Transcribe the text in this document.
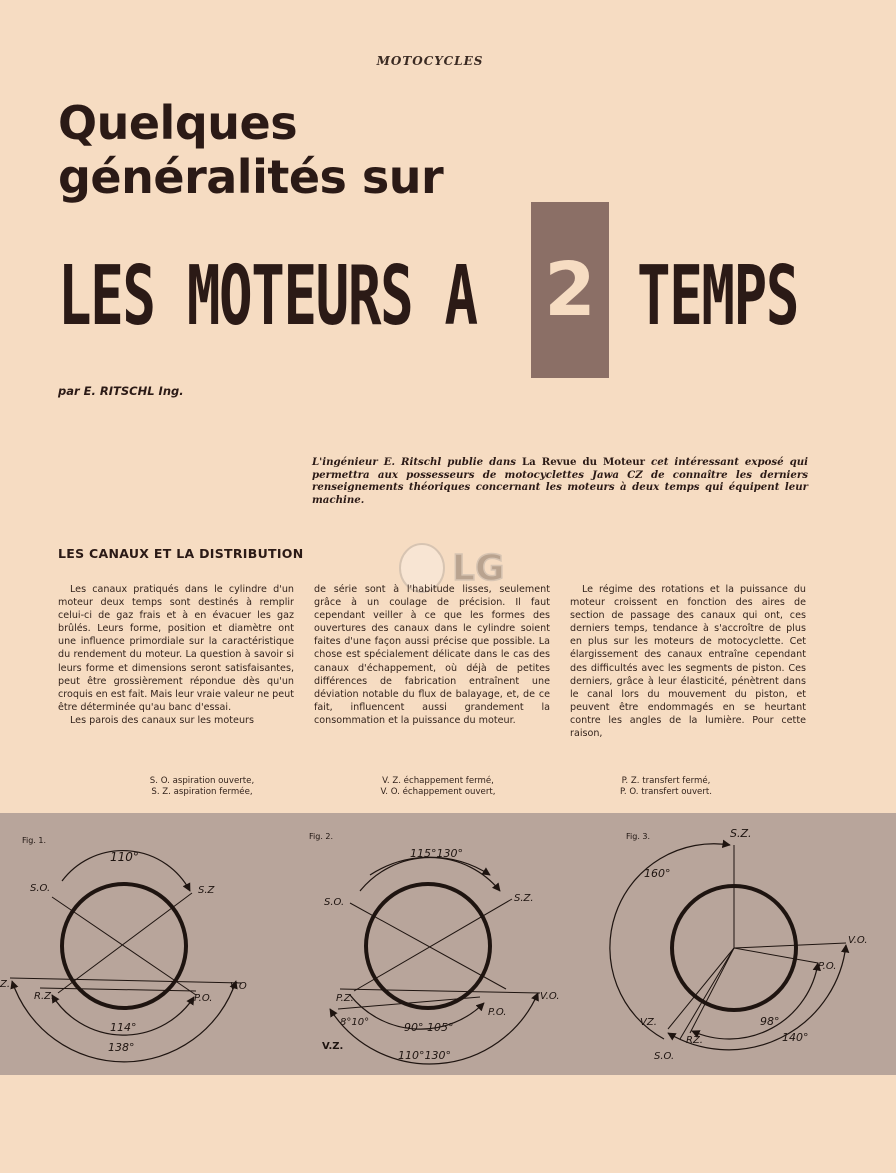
MOTOCYCLES
Quelques
généralités sur
LES MOTEURS A 2 TEMPS
par E. RITSCHL Ing.
L'ingénieur E. Ritschl publie dans La Revue du Moteur cet intéressant exposé qui permettra aux possesseurs de motocyclettes Jawa CZ de connaître les derniers renseignements théoriques concernant les moteurs à deux temps qui équipent leur machine.
LG
LES CANAUX ET LA DISTRIBUTION

Les canaux pratiqués dans le cylindre d'un moteur deux temps sont destinés à remplir celui-ci de gaz frais et à en évacuer les gaz brûlés. Leurs forme, position et diamètre ont une influence primordiale sur la caractéristique du rendement du moteur. La question à savoir si leurs forme et dimensions seront satisfaisantes, peut être grossièrement répondue dès qu'un croquis en est fait. Mais leur vraie valeur ne peut être déterminée qu'au banc d'essai.

Les parois des canaux sur les moteurs

de série sont à l'habitude lisses, seulement grâce à un coulage de précision. Il faut cependant veiller à ce que les formes des ouvertures des canaux dans le cylindre soient faites d'une façon aussi précise que possible. La chose est spécialement délicate dans le cas des canaux d'échappement, où déjà de petites différences de fabrication entraînent une déviation notable du flux de balayage, et, de ce fait, influencent aussi grandement la consommation et la puissance du moteur.

Le régime des rotations et la puissance du moteur croissent en fonction des aires de section de passage des canaux qui ont, ces derniers temps, tendance à s'accroître de plus en plus sur les moteurs de motocyclette. Cet élargissement des canaux entraîne cependant des difficultés avec les segments de piston. Ces derniers, grâce à leur élasticité, pénètrent dans le canal lors du mouvement du piston, et peuvent être endommagés en se heurtant contre les angles de la lumière. Pour cette raison,

S. O. aspiration ouverte,
S. Z. aspiration fermée,
V. Z. échappement fermé,
V. O. échappement ouvert,
P. Z. transfert fermé,
P. O. transfert ouvert.
Fig. 1.
110°
S.O.	S.Z
Z.
R.Z.	P.O.
V.O
114°
138°
Fig. 2.
115°130°
S.O.	S.Z.
P.Z.	V.O.
P.O.
8°10°
V.Z.
90° 105°
110°130°
Fig. 3.	S.Z.
160°
V.O.
P.O.
VZ.
RZ.
S.O.
98°
140°
